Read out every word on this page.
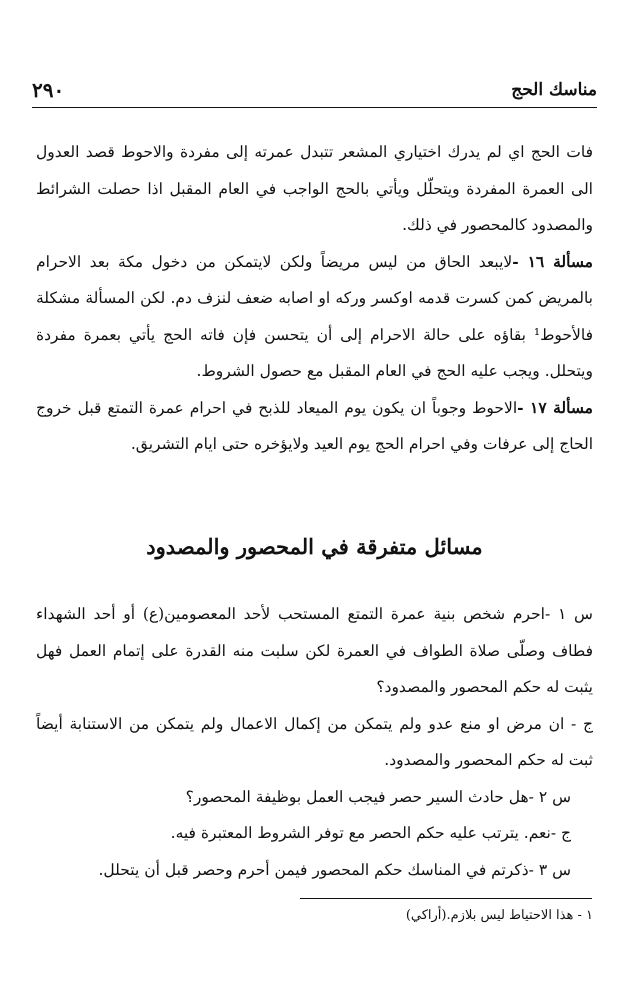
مناسك الحج
٢٩٠

فات الحج اي لم يدرك اختياري المشعر تتبدل عمرته إلى مفردة والاحوط قصد العدول الى العمرة المفردة ويتحلّل ويأتي بالحج الواجب في العام المقبل اذا حصلت الشرائط والمصدود كالمحصور في ذلك.

مسألة ١٦ -لايبعد الحاق من ليس مريضاً ولكن لايتمكن من دخول مكة بعد الاحرام بالمريض كمن كسرت قدمه اوكسر وركه او اصابه ضعف لنزف دم. لكن المسألة مشكلة فالأحوط¹ بقاؤه على حالة الاحرام إلى أن يتحسن فإن فاته الحج يأتي بعمرة مفردة ويتحلل. ويجب عليه الحج في العام المقبل مع حصول الشروط.

مسألة ١٧ -الاحوط وجوباً ان يكون يوم الميعاد للذبح في احرام عمرة التمتع قبل خروج الحاج إلى عرفات وفي احرام الحج يوم العيد ولايؤخره حتى ايام التشريق.

مسائل متفرقة في المحصور والمصدود

س ١ -احرم شخص بنية عمرة التمتع المستحب لأحد المعصومين(ع) أو أحد الشهداء فطاف وصلّى صلاة الطواف في العمرة لكن سلبت منه القدرة على إتمام العمل فهل يثبت له حكم المحصور والمصدود؟

ج - ان مرض او منع عدو ولم يتمكن من إكمال الاعمال ولم يتمكن من الاستنابة أيضاً ثبت له حكم المحصور والمصدود.

س ٢ -هل حادث السير حصر فيجب العمل بوظيفة المحصور؟

ج -نعم. يترتب عليه حكم الحصر مع توفر الشروط المعتبرة فيه.

س ٣ -ذكرتم في المناسك حكم المحصور فيمن أحرم وحصر قبل أن يتحلل.

١ - هذا الاحتياط ليس بلازم.(أراكي)
